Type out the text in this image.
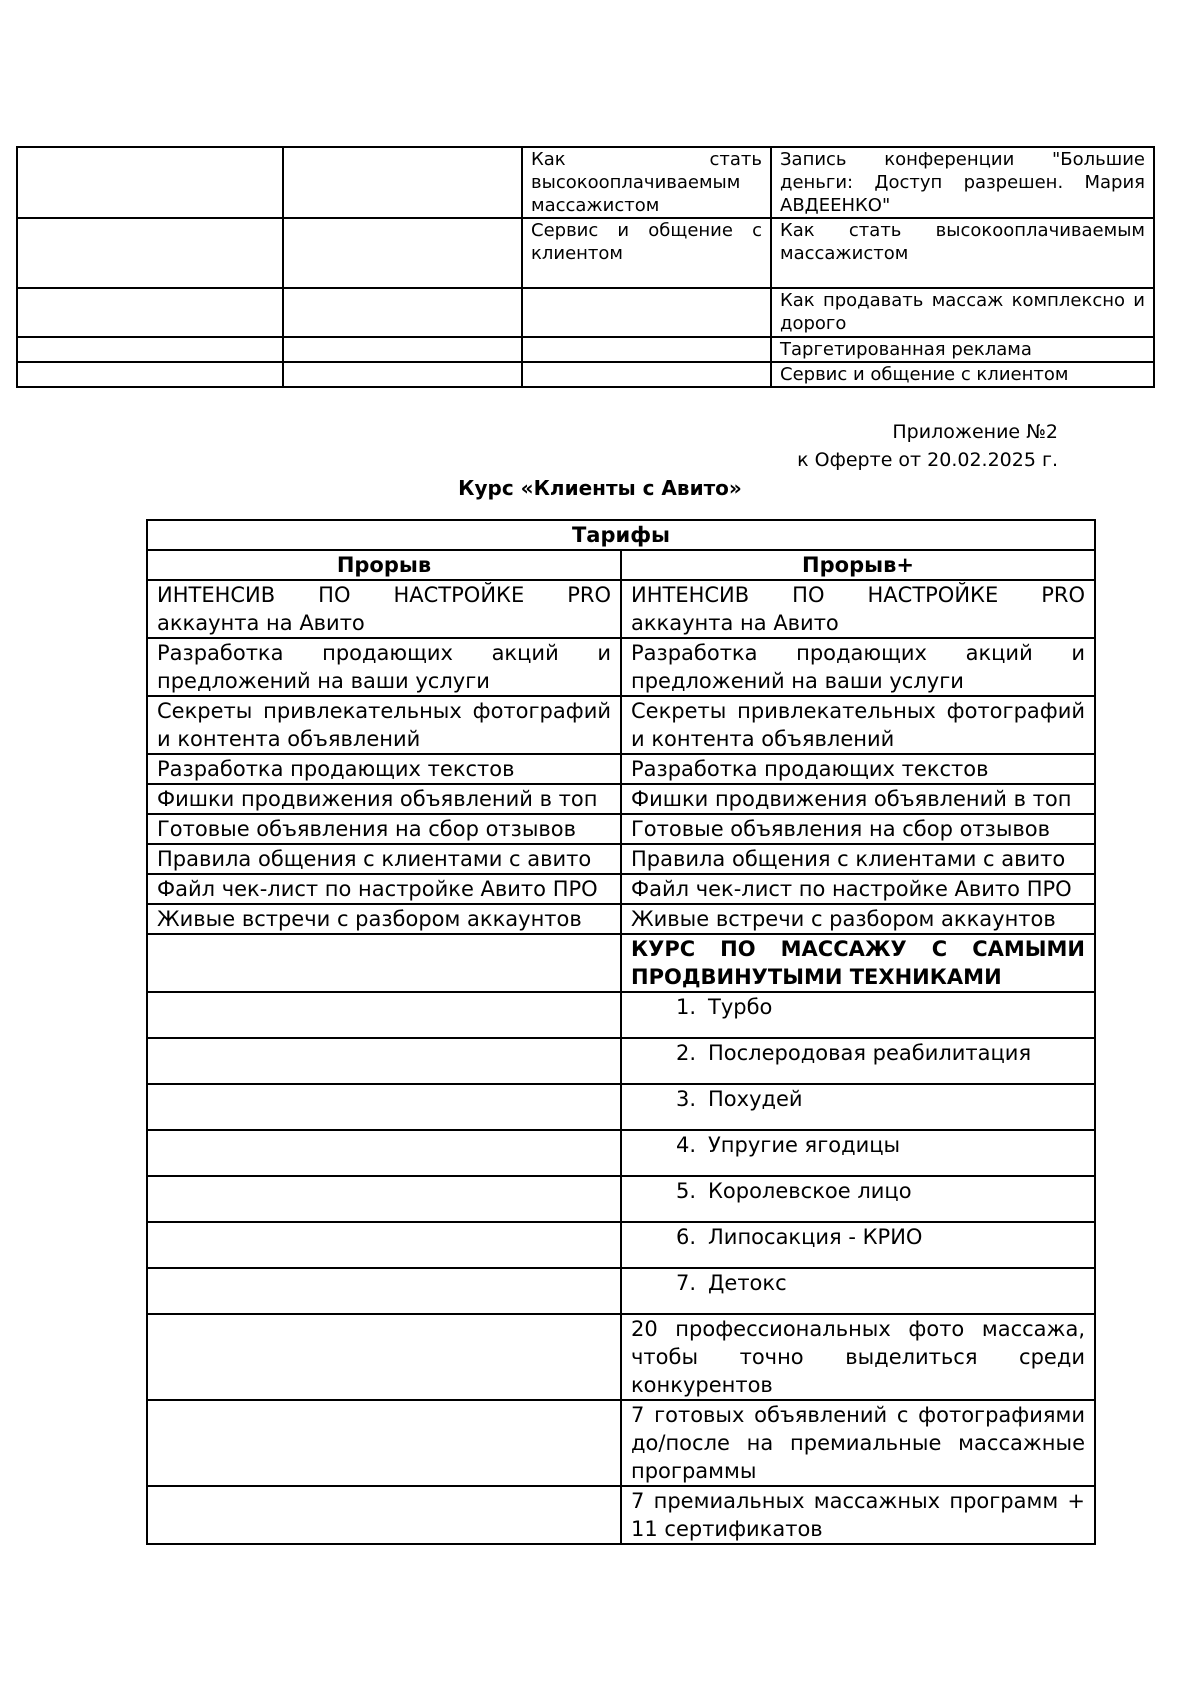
		Как стать высокооплачиваемым массажистом	Запись конференции "Большие деньги: Доступ разрешен. Мария АВДЕЕНКО"
		Сервис и общение с клиентом	Как стать высокооплачиваемым массажистом
			Как продавать массаж комплексно и дорого
			Таргетированная реклама
			Сервис и общение с клиентом
Приложение №2
к Оферте от 20.02.2025 г.
Курс «Клиенты с Авито»
Тарифы	
Прорыв	Прорыв+
ИНТЕНСИВ ПО НАСТРОЙКЕ PRO аккаунта на Авито	ИНТЕНСИВ ПО НАСТРОЙКЕ PRO аккаунта на Авито
Разработка продающих акций и предложений на ваши услуги	Разработка продающих акций и предложений на ваши услуги
Секреты привлекательных фотографий и контента объявлений	Секреты привлекательных фотографий и контента объявлений
Разработка продающих текстов	Разработка продающих текстов
Фишки продвижения объявлений в топ	Фишки продвижения объявлений в топ
Готовые объявления на сбор отзывов	Готовые объявления на сбор отзывов
Правила общения с клиентами с авито	Правила общения с клиентами с авито
Файл чек-лист по настройке Авито ПРО	Файл чек-лист по настройке Авито ПРО
Живые встречи с разбором аккаунтов	Живые встречи с разбором аккаунтов
	КУРС ПО МАССАЖУ С САМЫМИ ПРОДВИНУТЫМИ ТЕХНИКАМИ
	1. Турбо
	2. Послеродовая реабилитация
	3. Похудей
	4. Упругие ягодицы
	5. Королевское лицо
	6. Липосакция - КРИО
	7. Детокс
	20 профессиональных фото массажа, чтобы точно выделиться среди конкурентов
	7 готовых объявлений с фотографиями до/после на премиальные массажные программы
	7 премиальных массажных программ + 11 сертификатов
